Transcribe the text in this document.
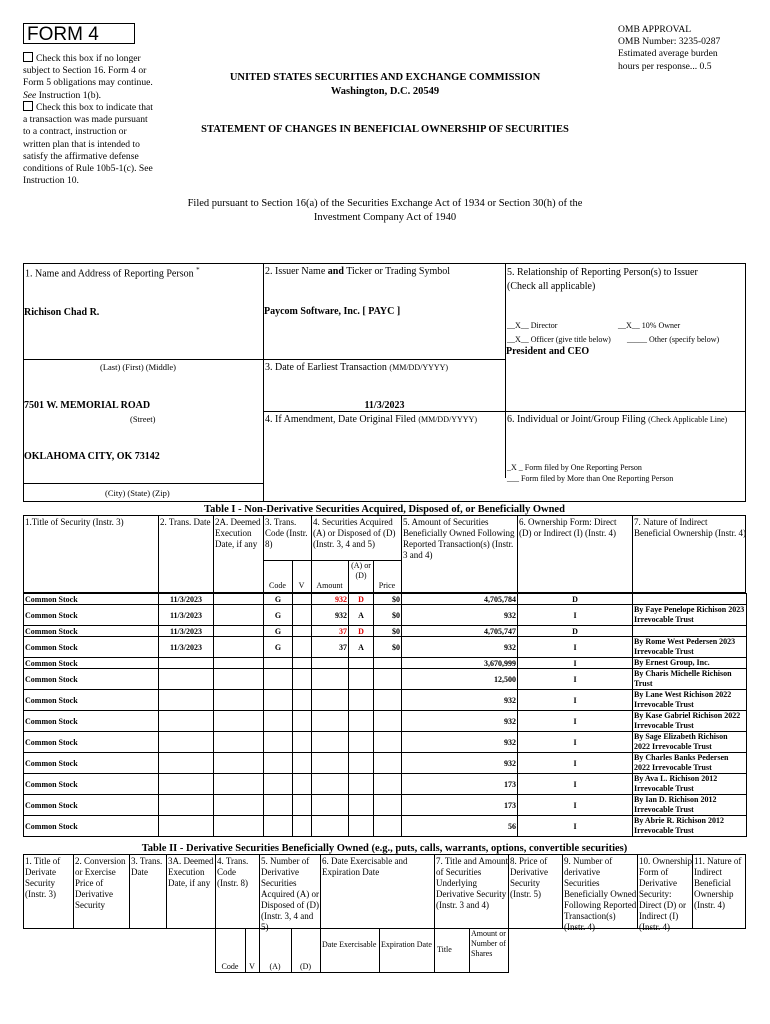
FORM 4
Check this box if no longer subject to Section 16. Form 4 or Form 5 obligations may continue. See Instruction 1(b).
Check this box to indicate that a transaction was made pursuant to a contract, instruction or written plan that is intended to satisfy the affirmative defense conditions of Rule 10b5-1(c). See Instruction 10.
OMB APPROVAL
OMB Number: 3235-0287
Estimated average burden
hours per response... 0.5
UNITED STATES SECURITIES AND EXCHANGE COMMISSION
Washington, D.C. 20549
STATEMENT OF CHANGES IN BENEFICIAL OWNERSHIP OF SECURITIES
Filed pursuant to Section 16(a) of the Securities Exchange Act of 1934 or Section 30(h) of the
Investment Company Act of 1940
1. Name and Address of Reporting Person *
Richison Chad R.
(Last) (First) (Middle)
7501 W. MEMORIAL ROAD
(Street)
OKLAHOMA CITY, OK 73142
(City) (State) (Zip)
2. Issuer Name and Ticker or Trading Symbol
Paycom Software, Inc. [ PAYC ]
3. Date of Earliest Transaction (MM/DD/YYYY)
11/3/2023
4. If Amendment, Date Original Filed (MM/DD/YYYY)
5. Relationship of Reporting Person(s) to Issuer
(Check all applicable)
__X__ Director	__X__ 10% Owner
__X__ Officer (give title below) _____ Other (specify below)
President and CEO
6. Individual or Joint/Group Filing (Check Applicable Line)
_X _ Form filed by One Reporting Person
___ Form filed by More than One Reporting Person
Table I - Non-Derivative Securities Acquired, Disposed of, or Beneficially Owned
1.Title of Security (Instr. 3)	2. Trans. Date 2A. Deemed Execution Date, if any
3. Trans. Code (Instr. 8)
4. Securities Acquired (A) or Disposed of (D) (Instr. 3, 4 and 5)
5. Amount of Securities Beneficially Owned Following Reported Transaction(s) (Instr. 3 and 4)
6. Ownership Form: Direct (D) or Indirect (I) (Instr. 4)
7. Nature of Indirect Beneficial Ownership (Instr. 4)
Code	V	Amount
(A) or (D)
Price
Common Stock	11/3/2023		G		932	D	$0	4,705,784	D	
Common Stock	11/3/2023		G		932	A	$0	932	I	By Faye Penelope Richison 2023 Irrevocable Trust
Common Stock	11/3/2023		G		37	D	$0	4,705,747	D	
Common Stock	11/3/2023		G		37	A	$0	932	I	By Rome West Pedersen 2023 Irrevocable Trust
Common Stock								3,670,999	I	By Ernest Group, Inc.
Common Stock								12,500	I	By Charis Michelle Richison Trust
Common Stock								932	I	By Lane West Richison 2022 Irrevocable Trust
Common Stock								932	I	By Kase Gabriel Richison 2022 Irrevocable Trust
Common Stock								932	I	By Sage Elizabeth Richison 2022 Irrevocable Trust
Common Stock								932	I	By Charles Banks Pedersen 2022 Irrevocable Trust
Common Stock								173	I	By Ava L. Richison 2012 Irrevocable Trust
Common Stock								173	I	By Ian D. Richison 2012 Irrevocable Trust
Common Stock								56	I	By Abrie R. Richison 2012 Irrevocable Trust
Table II - Derivative Securities Beneficially Owned (e.g., puts, calls, warrants, options, convertible securities)
1. Title of Derivate Security (Instr. 3)
2. Conversion or Exercise Price of Derivative Security
3. Trans. Date
3A. Deemed Execution Date, if any
4. Trans. Code (Instr. 8)
5. Number of Derivative Securities Acquired (A) or Disposed of (D) (Instr. 3, 4 and 5)
6. Date Exercisable and Expiration Date
7. Title and Amount of Securities Underlying Derivative Security (Instr. 3 and 4)
8. Price of Derivative Security (Instr. 5)
9. Number of derivative Securities Beneficially Owned Following Reported Transaction(s) (Instr. 4)
10. Ownership Form of Derivative Security: Direct (D) or Indirect (I) (Instr. 4)
11. Nature of Indirect Beneficial Ownership (Instr. 4)
Code	V	(A)	(D)
Date Exercisable Expiration Date
Title
Amount or Number of Shares
